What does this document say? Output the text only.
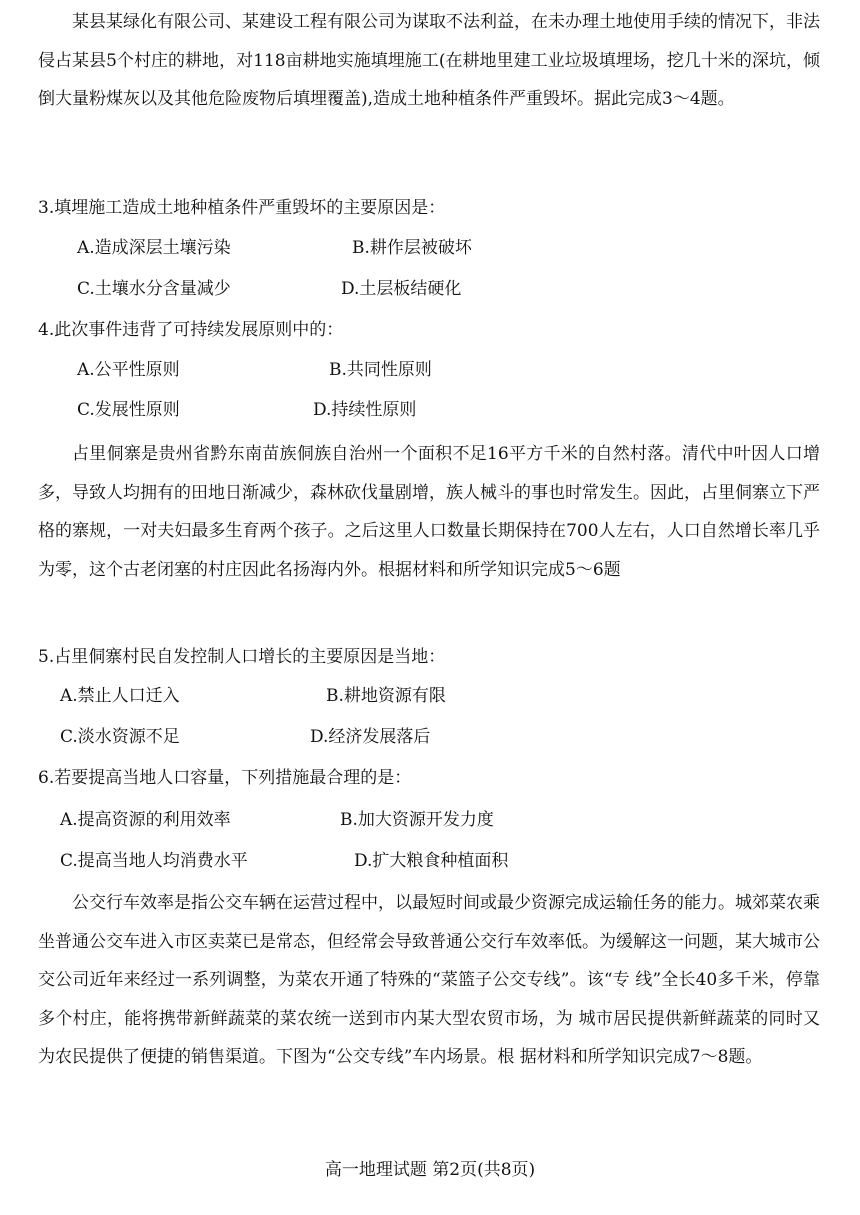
某县某绿化有限公司、某建设工程有限公司为谋取不法利益，在未办理土地使用手续的情况下，非法侵占某县5个村庄的耕地，对118亩耕地实施填埋施工(在耕地里建工业垃圾填埋场，挖几十米的深坑，倾倒大量粉煤灰以及其他危险废物后填埋覆盖),造成土地种植条件严重毁坏。据此完成3～4题。

3.填埋施工造成土地种植条件严重毁坏的主要原因是：

A.造成深层土壤污染	B.耕作层被破坏

C.土壤水分含量减少	D.土层板结硬化

4.此次事件违背了可持续发展原则中的：

A.公平性原则	B.共同性原则

C.发展性原则	D.持续性原则

占里侗寨是贵州省黔东南苗族侗族自治州一个面积不足16平方千米的自然村落。清代中叶因人口增多，导致人均拥有的田地日渐减少，森林砍伐量剧增，族人械斗的事也时常发生。因此，占里侗寨立下严格的寨规，一对夫妇最多生育两个孩子。之后这里人口数量长期保持在700人左右，人口自然增长率几乎为零，这个古老闭塞的村庄因此名扬海内外。根据材料和所学知识完成5～6题

5.占里侗寨村民自发控制人口增长的主要原因是当地：

A.禁止人口迁入	B.耕地资源有限

C.淡水资源不足	D.经济发展落后

6.若要提高当地人口容量，下列措施最合理的是：

A.提高资源的利用效率	B.加大资源开发力度

C.提高当地人均消费水平	D.扩大粮食种植面积

公交行车效率是指公交车辆在运营过程中，以最短时间或最少资源完成运输任务的能力。城郊菜农乘坐普通公交车进入市区卖菜已是常态，但经常会导致普通公交行车效率低。为缓解这一问题，某大城市公交公司近年来经过一系列调整，为菜农开通了特殊的“菜篮子公交专线”。该“专 线”全长40多千米，停靠多个村庄，能将携带新鲜蔬菜的菜农统一送到市内某大型农贸市场，为 城市居民提供新鲜蔬菜的同时又为农民提供了便捷的销售渠道。下图为“公交专线”车内场景。根 据材料和所学知识完成7～8题。

高一地理试题 第2页(共8页)
